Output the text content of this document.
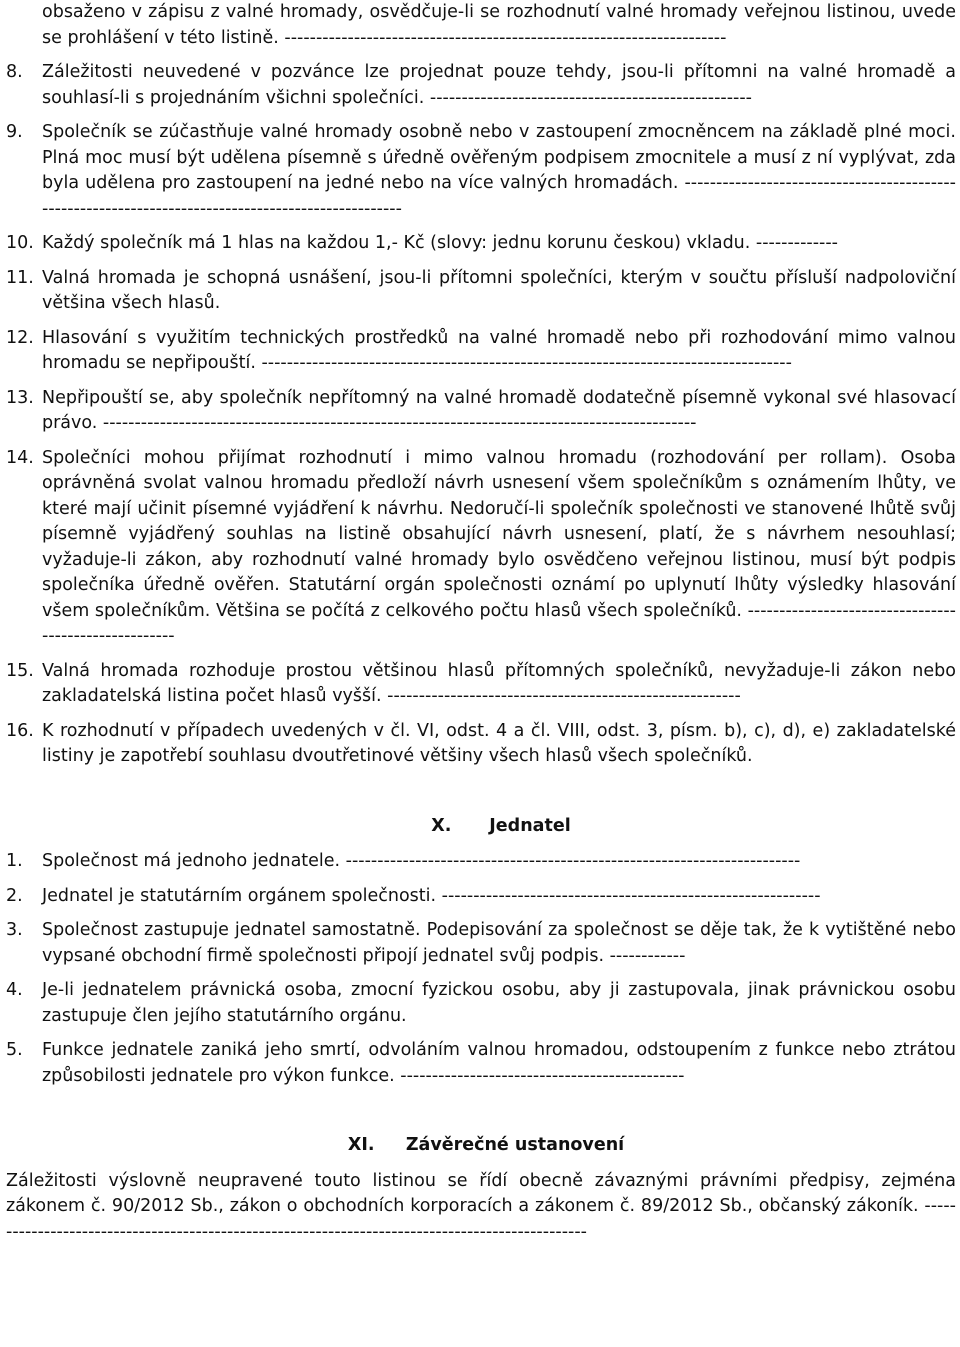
obsaženo v zápisu z valné hromady, osvědčuje-li se rozhodnutí valné hromady veřejnou listinou, uvede se prohlášení v této listině. ----------------------------------------------------------------------

8.	Záležitosti neuvedené v pozvánce lze projednat pouze tehdy, jsou-li přítomni na valné hromadě a souhlasí-li s projednáním všichni společníci. ---------------------------------------------------
9.	Společník se zúčastňuje valné hromady osobně nebo v zastoupení zmocněncem na základě plné moci. Plná moc musí být udělena písemně s úředně ověřeným podpisem zmocnitele a musí z ní vyplývat, zda byla udělena pro zastoupení na jedné nebo na více valných hromadách. ----------------------------------------------------------------------------------------------------
10. Každý společník má 1 hlas na každou 1,- Kč (slovy: jednu korunu českou) vkladu. -------------
11. Valná hromada je schopná usnášení, jsou-li přítomni společníci, kterým v součtu přísluší nadpoloviční většina všech hlasů.
12. Hlasování s využitím technických prostředků na valné hromadě nebo při rozhodování mimo valnou hromadu se nepřipouští. ------------------------------------------------------------------------------------
13. Nepřipouští se, aby společník nepřítomný na valné hromadě dodatečně písemně vykonal své hlasovací právo. ----------------------------------------------------------------------------------------------
14. Společníci mohou přijímat rozhodnutí i mimo valnou hromadu (rozhodování per rollam). Osoba oprávněná svolat valnou hromadu předloží návrh usnesení všem společníkům s oznámením lhůty, ve které mají učinit písemné vyjádření k návrhu. Nedoručí-li společník společnosti ve stanovené lhůtě svůj písemně vyjádřený souhlas na listině obsahující návrh usnesení, platí, že s návrhem nesouhlasí; vyžaduje-li zákon, aby rozhodnutí valné hromady bylo osvědčeno veřejnou listinou, musí být podpis společníka úředně ověřen. Statutární orgán společnosti oznámí po uplynutí lhůty výsledky hlasování všem společníkům. Většina se počítá z celkového počtu hlasů všech společníků. ------------------------------------------------------
15. Valná hromada rozhoduje prostou většinou hlasů přítomných společníků, nevyžaduje-li zákon nebo zakladatelská listina počet hlasů vyšší. --------------------------------------------------------
16. K rozhodnutí v případech uvedených v čl. VI, odst. 4 a čl. VIII, odst. 3, písm. b), c), d), e) zakladatelské listiny je zapotřebí souhlasu dvoutřetinové většiny všech hlasů všech společníků.

X. Jednatel

1.	Společnost má jednoho jednatele. ------------------------------------------------------------------------
2.	Jednatel je statutárním orgánem společnosti. ------------------------------------------------------------
3.	Společnost zastupuje jednatel samostatně. Podepisování za společnost se děje tak, že k vytištěné nebo vypsané obchodní firmě společnosti připojí jednatel svůj podpis. ------------
4.	Je-li jednatelem právnická osoba, zmocní fyzickou osobu, aby ji zastupovala, jinak právnickou osobu zastupuje člen jejího statutárního orgánu.
5.	Funkce jednatele zaniká jeho smrtí, odvoláním valnou hromadou, odstoupením z funkce nebo ztrátou způsobilosti jednatele pro výkon funkce. ---------------------------------------------

XI. Závěrečné ustanovení

Záležitosti výslovně neupravené touto listinou se řídí obecně závaznými právními předpisy, zejména zákonem č. 90/2012 Sb., zákon o obchodních korporacích a zákonem č. 89/2012 Sb., občanský zákoník. -------------------------------------------------------------------------------------------------
